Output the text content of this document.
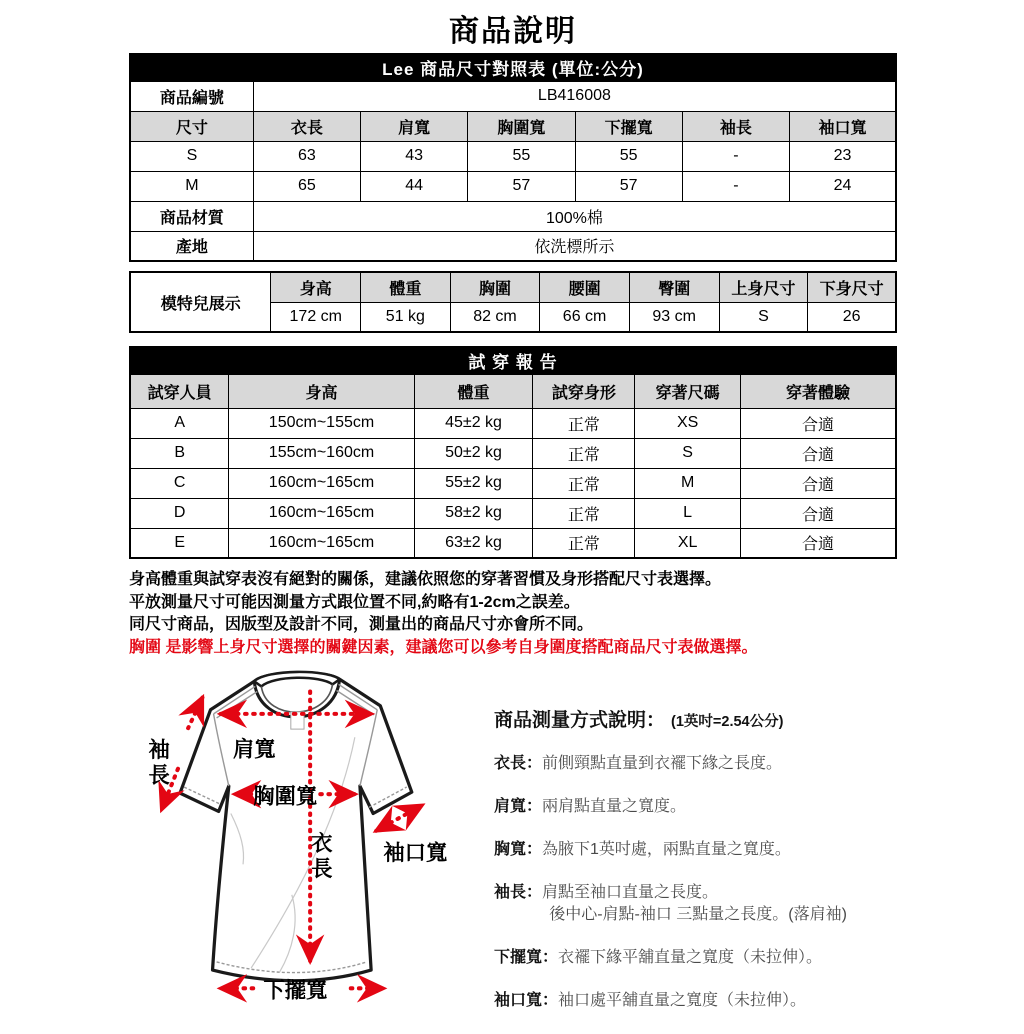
商品說明
Lee 商品尺寸對照表 (單位:公分)						
商品編號	LB416008					
尺寸	衣長	肩寬	胸圍寬	下擺寬	袖長	袖口寬
S	63	43	55	55	-	23
M	65	44	57	57	-	24
商品材質	100%棉					
產地	依洗標所示					
模特兒展示	身高	體重	胸圍	腰圍	臀圍	上身尺寸	下身尺寸
	172 cm	51 kg	82 cm	66 cm	93 cm	S	26
試 穿 報 告					
試穿人員	身高	體重	試穿身形	穿著尺碼	穿著體驗
A	150cm~155cm	45±2 kg	正常	XS	合適
B	155cm~160cm	50±2 kg	正常	S	合適
C	160cm~165cm	55±2 kg	正常	M	合適
D	160cm~165cm	58±2 kg	正常	L	合適
E	160cm~165cm	63±2 kg	正常	XL	合適
身高體重與試穿表沒有絕對的關係，建議依照您的穿著習慣及身形搭配尺寸表選擇。
平放測量尺寸可能因測量方式跟位置不同,約略有1-2cm之誤差。
同尺寸商品，因版型及設計不同，測量出的商品尺寸亦會所不同。
胸圍 是影響上身尺寸選擇的關鍵因素，建議您可以參考自身圍度搭配商品尺寸表做選擇。
肩寬
袖長
胸圍寬
衣長 袖口寬
下擺寬
商品測量方式說明： (1英吋=2.54公分)
衣長：前側頸點直量到衣襬下緣之長度。
肩寬：兩肩點直量之寬度。
胸寬：為腋下1英吋處，兩點直量之寬度。
袖長：肩點至袖口直量之長度。
後中心-肩點-袖口 三點量之長度。(落肩袖)
下擺寬：衣襬下緣平舖直量之寬度（未拉伸）。
袖口寬：袖口處平舖直量之寬度（未拉伸）。
